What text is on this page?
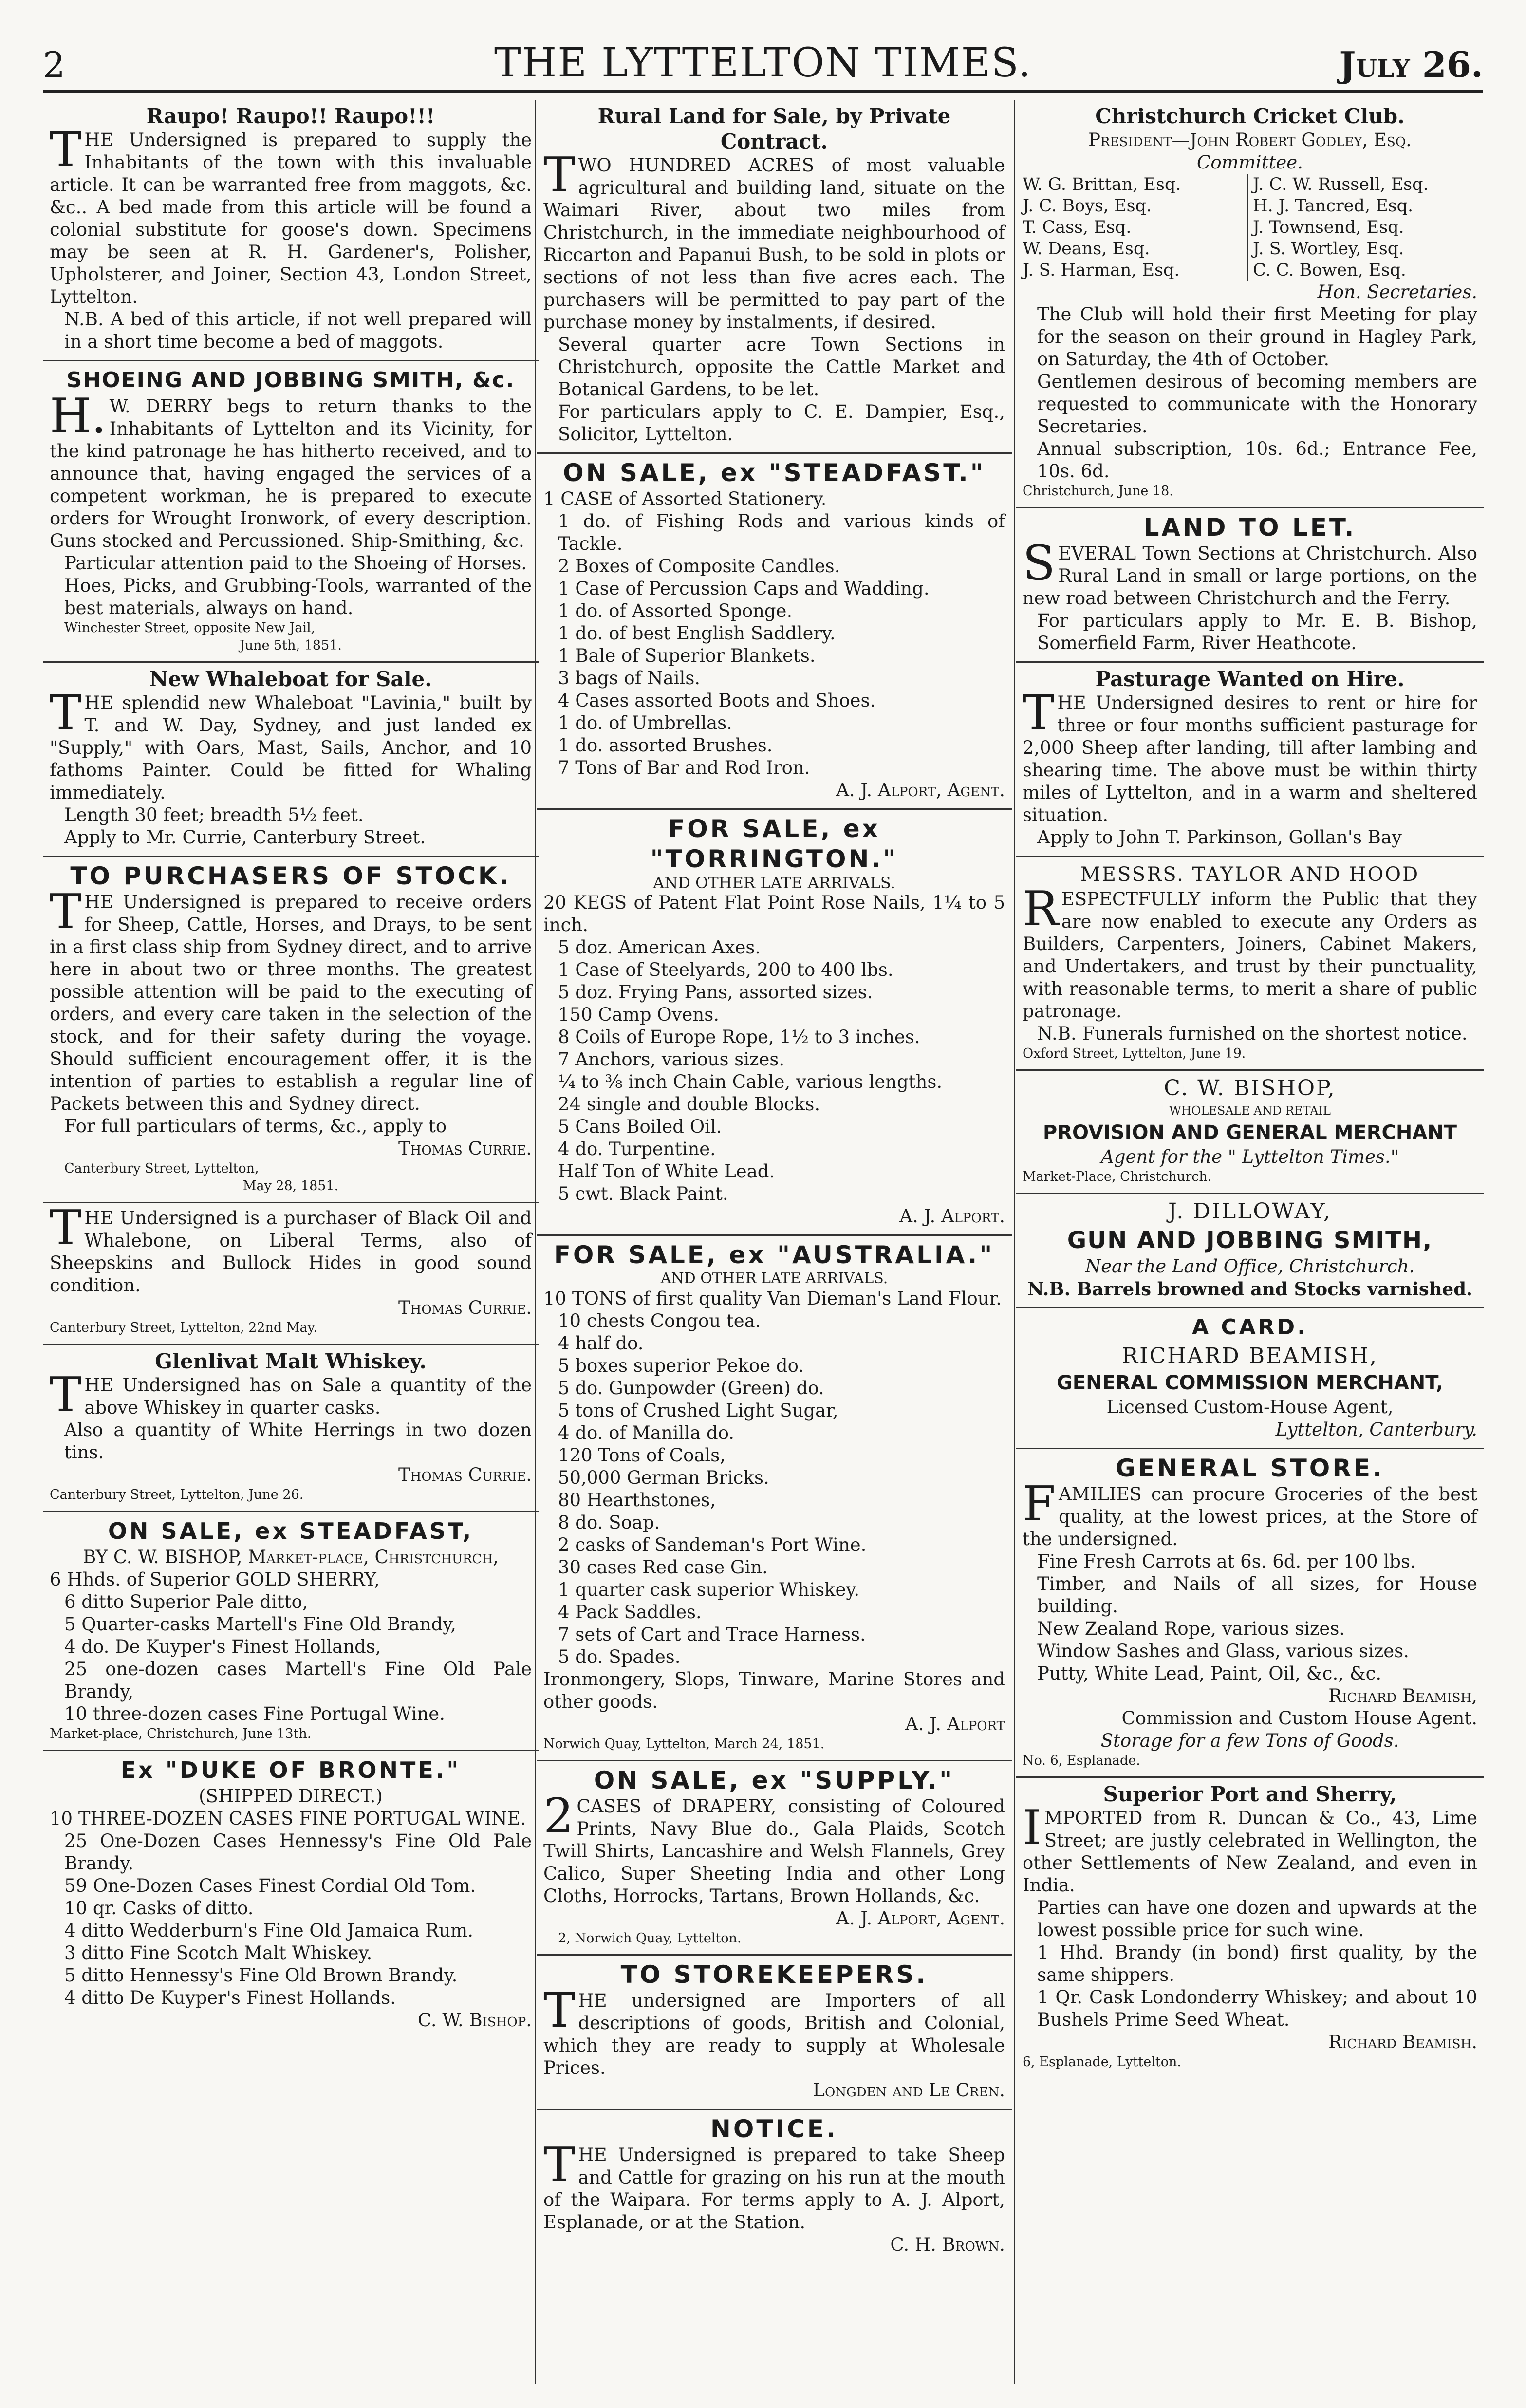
2	THE LYTTELTON TIMES.	July 26.
Raupo! Raupo!! Raupo!!!

THE Undersigned is prepared to supply the Inhabitants of the town with this invaluable article. It can be warranted free from maggots, &c. &c.. A bed made from this article will be found a colonial substitute for goose's down. Specimens may be seen at R. H. Gardener's, Polisher, Upholsterer, and Joiner, Section 43, London Street, Lyttelton.

N.B. A bed of this article, if not well prepared will in a short time become a bed of maggots.

SHOEING AND JOBBING SMITH, &c.

H.W. DERRY begs to return thanks to the Inhabitants of Lyttelton and its Vicinity, for the kind patronage he has hitherto received, and to announce that, having engaged the services of a competent workman, he is prepared to execute orders for Wrought Ironwork, of every description. Guns stocked and Percussioned. Ship-Smithing, &c.

Particular attention paid to the Shoeing of Horses.

Hoes, Picks, and Grubbing-Tools, warranted of the best materials, always on hand.

Winchester Street, opposite New Jail,

June 5th, 1851.

New Whaleboat for Sale.

THE splendid new Whaleboat "Lavinia," built by T. and W. Day, Sydney, and just landed ex "Supply," with Oars, Mast, Sails, Anchor, and 10 fathoms Painter. Could be fitted for Whaling immediately.

Length 30 feet; breadth 5½ feet.

Apply to Mr. Currie, Canterbury Street.

TO PURCHASERS OF STOCK.

THE Undersigned is prepared to receive orders for Sheep, Cattle, Horses, and Drays, to be sent in a first class ship from Sydney direct, and to arrive here in about two or three months. The greatest possible attention will be paid to the executing of orders, and every care taken in the selection of the stock, and for their safety during the voyage. Should sufficient encouragement offer, it is the intention of parties to establish a regular line of Packets between this and Sydney direct.

For full particulars of terms, &c., apply to

Thomas Currie.

Canterbury Street, Lyttelton,

May 28, 1851.

THE Undersigned is a purchaser of Black Oil and Whalebone, on Liberal Terms, also of Sheepskins and Bullock Hides in good sound condition.

Thomas Currie.

Canterbury Street, Lyttelton, 22nd May.

Glenlivat Malt Whiskey.

THE Undersigned has on Sale a quantity of the above Whiskey in quarter casks.

Also a quantity of White Herrings in two dozen tins.

Thomas Currie.

Canterbury Street, Lyttelton, June 26.

ON SALE, ex STEADFAST,

BY C. W. BISHOP, Market-place, Christchurch,

6 Hhds. of Superior GOLD SHERRY,

6 ditto Superior Pale ditto,

5 Quarter-casks Martell's Fine Old Brandy,

4 do. De Kuyper's Finest Hollands,

25 one-dozen cases Martell's Fine Old Pale Brandy,

10 three-dozen cases Fine Portugal Wine.

Market-place, Christchurch, June 13th.

Ex "DUKE OF BRONTE."

(SHIPPED DIRECT.)

10 THREE-DOZEN CASES FINE PORTUGAL WINE.

25 One-Dozen Cases Hennessy's Fine Old Pale Brandy.

59 One-Dozen Cases Finest Cordial Old Tom.

10 qr. Casks of ditto.

4 ditto Wedderburn's Fine Old Jamaica Rum.

3 ditto Fine Scotch Malt Whiskey.

5 ditto Hennessy's Fine Old Brown Brandy.

4 ditto De Kuyper's Finest Hollands.

C. W. Bishop.

Rural Land for Sale, by Private Contract.

TWO HUNDRED ACRES of most valuable agricultural and building land, situate on the Waimari River, about two miles from Christchurch, in the immediate neighbourhood of Riccarton and Papanui Bush, to be sold in plots or sections of not less than five acres each. The purchasers will be permitted to pay part of the purchase money by instalments, if desired.

Several quarter acre Town Sections in Christchurch, opposite the Cattle Market and Botanical Gardens, to be let.

For particulars apply to C. E. Dampier, Esq., Solicitor, Lyttelton.

ON SALE, ex "STEADFAST."

1 CASE of Assorted Stationery.

1 do. of Fishing Rods and various kinds of Tackle.

2 Boxes of Composite Candles.

1 Case of Percussion Caps and Wadding.

1 do. of Assorted Sponge.

1 do. of best English Saddlery.

1 Bale of Superior Blankets.

3 bags of Nails.

4 Cases assorted Boots and Shoes.

1 do. of Umbrellas.

1 do. assorted Brushes.

7 Tons of Bar and Rod Iron.

A. J. Alport, Agent.

FOR SALE, ex "TORRINGTON."

AND OTHER LATE ARRIVALS.

20 KEGS of Patent Flat Point Rose Nails, 1¼ to 5 inch.

5 doz. American Axes.

1 Case of Steelyards, 200 to 400 lbs.

5 doz. Frying Pans, assorted sizes.

150 Camp Ovens.

8 Coils of Europe Rope, 1½ to 3 inches.

7 Anchors, various sizes.

¼ to ⅜ inch Chain Cable, various lengths.

24 single and double Blocks.

5 Cans Boiled Oil.

4 do. Turpentine.

Half Ton of White Lead.

5 cwt. Black Paint.

A. J. Alport.

FOR SALE, ex "AUSTRALIA."

AND OTHER LATE ARRIVALS.

10 TONS of first quality Van Dieman's Land Flour.

10 chests Congou tea.

4 half do.

5 boxes superior Pekoe do.

5 do. Gunpowder (Green) do.

5 tons of Crushed Light Sugar,

4 do. of Manilla do.

120 Tons of Coals,

50,000 German Bricks.

80 Hearthstones,

8 do. Soap.

2 casks of Sandeman's Port Wine.

30 cases Red case Gin.

1 quarter cask superior Whiskey.

4 Pack Saddles.

7 sets of Cart and Trace Harness.

5 do. Spades.

Ironmongery, Slops, Tinware, Marine Stores and other goods.

A. J. Alport

Norwich Quay, Lyttelton, March 24, 1851.

ON SALE, ex "SUPPLY."

2CASES of DRAPERY, consisting of Coloured Prints, Navy Blue do., Gala Plaids, Scotch Twill Shirts, Lancashire and Welsh Flannels, Grey Calico, Super Sheeting India and other Long Cloths, Horrocks, Tartans, Brown Hollands, &c.

A. J. Alport, Agent.

2, Norwich Quay, Lyttelton.

TO STOREKEEPERS.

THE undersigned are Importers of all descriptions of goods, British and Colonial, which they are ready to supply at Wholesale Prices.

Longden and Le Cren.

NOTICE.

THE Undersigned is prepared to take Sheep and Cattle for grazing on his run at the mouth of the Waipara. For terms apply to A. J. Alport, Esplanade, or at the Station.

C. H. Brown.

Christchurch Cricket Club.

President—John Robert Godley, Esq.

Committee.

W. G. Brittan, Esq.

J. C. Boys, Esq.

T. Cass, Esq.

W. Deans, Esq.

J. S. Harman, Esq.

J. C. W. Russell, Esq.

H. J. Tancred, Esq.

J. Townsend, Esq.

J. S. Wortley, Esq.

C. C. Bowen, Esq.

Hon. Secretaries.

The Club will hold their first Meeting for play for the season on their ground in Hagley Park, on Saturday, the 4th of October.

Gentlemen desirous of becoming members are requested to communicate with the Honorary Secretaries.

Annual subscription, 10s. 6d.; Entrance Fee, 10s. 6d.

Christchurch, June 18.

LAND TO LET.

SEVERAL Town Sections at Christchurch. Also Rural Land in small or large portions, on the new road between Christchurch and the Ferry.

For particulars apply to Mr. E. B. Bishop, Somerfield Farm, River Heathcote.

Pasturage Wanted on Hire.

THE Undersigned desires to rent or hire for three or four months sufficient pasturage for 2,000 Sheep after landing, till after lambing and shearing time. The above must be within thirty miles of Lyttelton, and in a warm and sheltered situation.

Apply to John T. Parkinson, Gollan's Bay

MESSRS. TAYLOR AND HOOD

RESPECTFULLY inform the Public that they are now enabled to execute any Orders as Builders, Carpenters, Joiners, Cabinet Makers, and Undertakers, and trust by their punctuality, with reasonable terms, to merit a share of public patronage.

N.B. Funerals furnished on the shortest notice.

Oxford Street, Lyttelton, June 19.

C. W. BISHOP,

WHOLESALE AND RETAIL

PROVISION AND GENERAL MERCHANT

Agent for the " Lyttelton Times."

Market-Place, Christchurch.

J. DILLOWAY,

GUN AND JOBBING SMITH,

Near the Land Office, Christchurch.

N.B. Barrels browned and Stocks varnished.

A CARD.

RICHARD BEAMISH,

GENERAL COMMISSION MERCHANT,

Licensed Custom-House Agent,

Lyttelton, Canterbury.

GENERAL STORE.

FAMILIES can procure Groceries of the best quality, at the lowest prices, at the Store of the undersigned.

Fine Fresh Carrots at 6s. 6d. per 100 lbs.

Timber, and Nails of all sizes, for House building.

New Zealand Rope, various sizes.

Window Sashes and Glass, various sizes.

Putty, White Lead, Paint, Oil, &c., &c.

Richard Beamish,

Commission and Custom House Agent.

Storage for a few Tons of Goods.

No. 6, Esplanade.

Superior Port and Sherry,

IMPORTED from R. Duncan & Co., 43, Lime Street; are justly celebrated in Wellington, the other Settlements of New Zealand, and even in India.

Parties can have one dozen and upwards at the lowest possible price for such wine.

1 Hhd. Brandy (in bond) first quality, by the same shippers.

1 Qr. Cask Londonderry Whiskey; and about 10 Bushels Prime Seed Wheat.

Richard Beamish.

6, Esplanade, Lyttelton.
